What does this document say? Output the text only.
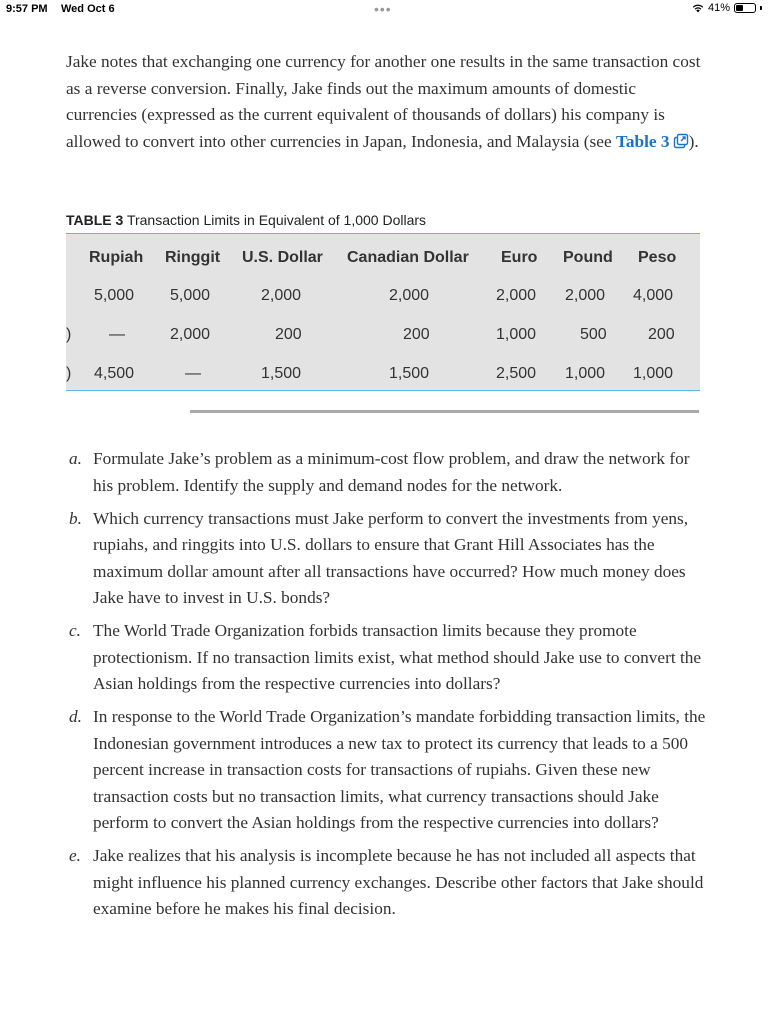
9:57 PM Wed Oct 6	•••	41%
Jake notes that exchanging one currency for another one results in the same transaction cost as a reverse conversion. Finally, Jake finds out the maximum amounts of domestic currencies (expressed as the current equivalent of thousands of dollars) his company is allowed to convert into other currencies in Japan, Indonesia, and Malaysia (see Table 3 ).
TABLE 3 Transaction Limits in Equivalent of 1,000 Dollars
Rupiah Ringgit U.S. Dollar Canadian Dollar Euro Pound Peso
5,000 5,000	2,000	2,000	2,000 2,000 4,000
) —	2,000	200	200	1,000	500	200
) 4,500	—	1,500	1,500	2,500 1,000 1,000
a. Formulate Jake’s problem as a minimum-cost flow problem, and draw the network for his problem. Identify the supply and demand nodes for the network.
b. Which currency transactions must Jake perform to convert the investments from yens, rupiahs, and ringgits into U.S. dollars to ensure that Grant Hill Associates has the maximum dollar amount after all transactions have occurred? How much money does Jake have to invest in U.S. bonds?
c. The World Trade Organization forbids transaction limits because they promote protectionism. If no transaction limits exist, what method should Jake use to convert the Asian holdings from the respective currencies into dollars?
d. In response to the World Trade Organization’s mandate forbidding transaction limits, the Indonesian government introduces a new tax to protect its currency that leads to a 500 percent increase in transaction costs for transactions of rupiahs. Given these new transaction costs but no transaction limits, what currency transactions should Jake perform to convert the Asian holdings from the respective currencies into dollars?
e. Jake realizes that his analysis is incomplete because he has not included all aspects that might influence his planned currency exchanges. Describe other factors that Jake should examine before he makes his final decision.
